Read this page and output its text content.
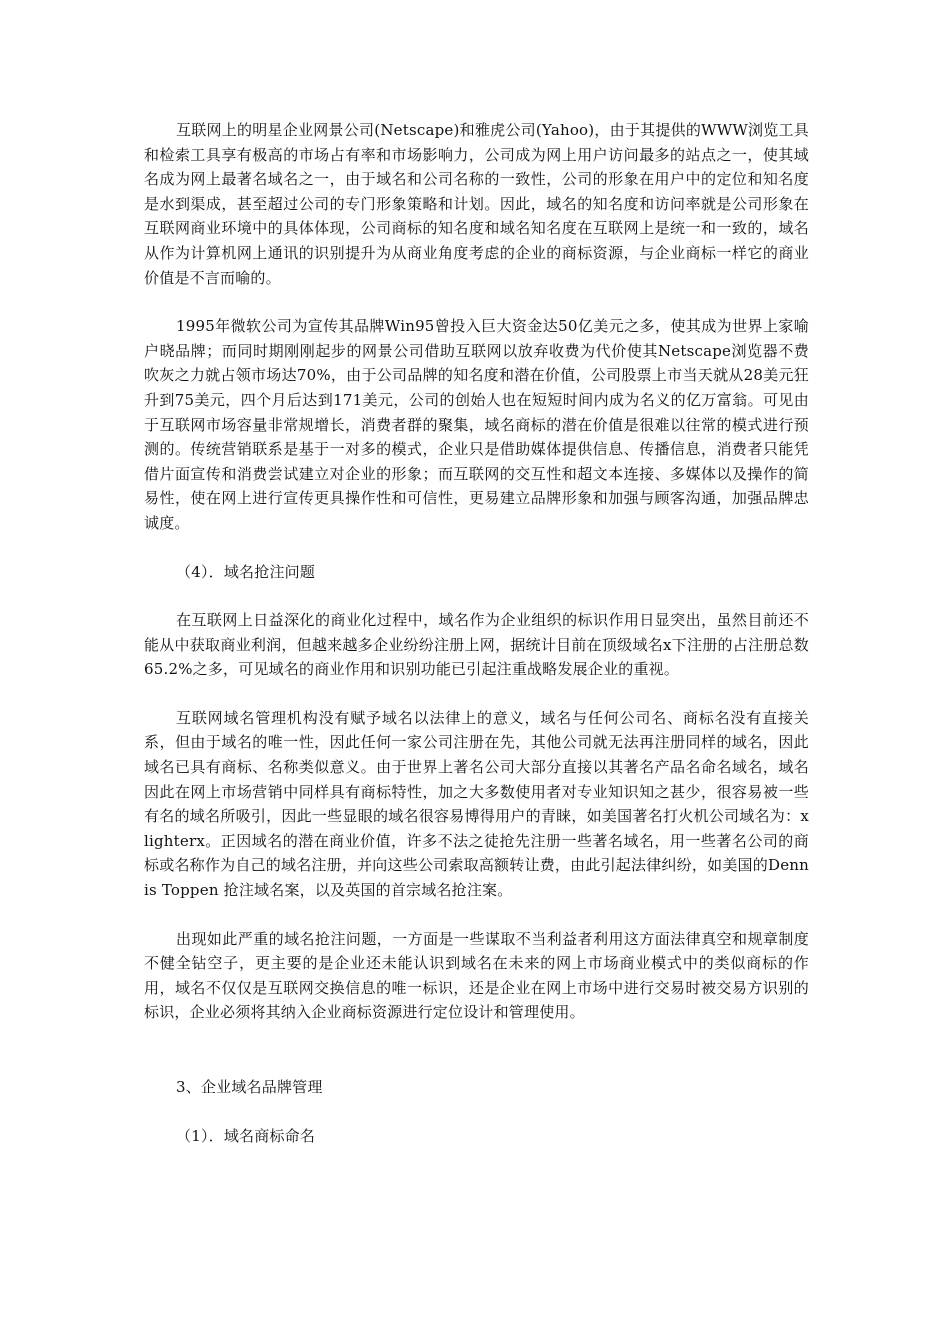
互联网上的明星企业网景公司(Netscape)和雅虎公司(Yahoo)，由于其提供的WWW浏览工具和检索工具享有极高的市场占有率和市场影响力，公司成为网上用户访问最多的站点之一，使其域名成为网上最著名域名之一，由于域名和公司名称的一致性，公司的形象在用户中的定位和知名度是水到渠成，甚至超过公司的专门形象策略和计划。因此，域名的知名度和访问率就是公司形象在互联网商业环境中的具体体现，公司商标的知名度和域名知名度在互联网上是统一和一致的，域名从作为计算机网上通讯的识别提升为从商业角度考虑的企业的商标资源，与企业商标一样它的商业价值是不言而喻的。

1995年微软公司为宣传其品牌Win95曾投入巨大资金达50亿美元之多，使其成为世界上家喻户晓品牌；而同时期刚刚起步的网景公司借助互联网以放弃收费为代价使其Netscape浏览器不费吹灰之力就占领市场达70%，由于公司品牌的知名度和潜在价值，公司股票上市当天就从28美元狂升到75美元，四个月后达到171美元，公司的创始人也在短短时间内成为名义的亿万富翁。可见由于互联网市场容量非常规增长，消费者群的聚集，域名商标的潜在价值是很难以往常的模式进行预测的。传统营销联系是基于一对多的模式，企业只是借助媒体提供信息、传播信息，消费者只能凭借片面宣传和消费尝试建立对企业的形象；而互联网的交互性和超文本连接、多媒体以及操作的简易性，使在网上进行宣传更具操作性和可信性，更易建立品牌形象和加强与顾客沟通，加强品牌忠诚度。

（4）．域名抢注问题

在互联网上日益深化的商业化过程中，域名作为企业组织的标识作用日显突出，虽然目前还不能从中获取商业利润，但越来越多企业纷纷注册上网，据统计目前在顶级域名x下注册的占注册总数65.2%之多，可见域名的商业作用和识别功能已引起注重战略发展企业的重视。

互联网域名管理机构没有赋予域名以法律上的意义，域名与任何公司名、商标名没有直接关系，但由于域名的唯一性，因此任何一家公司注册在先，其他公司就无法再注册同样的域名，因此域名已具有商标、名称类似意义。由于世界上著名公司大部分直接以其著名产品名命名域名，域名因此在网上市场营销中同样具有商标特性，加之大多数使用者对专业知识知之甚少，很容易被一些有名的域名所吸引，因此一些显眼的域名很容易博得用户的青睐，如美国著名打火机公司域名为：xlighterx。正因域名的潜在商业价值，许多不法之徒抢先注册一些著名域名，用一些著名公司的商标或名称作为自己的域名注册，并向这些公司索取高额转让费，由此引起法律纠纷，如美国的Dennis Toppen 抢注域名案，以及英国的首宗域名抢注案。

出现如此严重的域名抢注问题，一方面是一些谋取不当利益者利用这方面法律真空和规章制度不健全钻空子，更主要的是企业还未能认识到域名在未来的网上市场商业模式中的类似商标的作用，域名不仅仅是互联网交换信息的唯一标识，还是企业在网上市场中进行交易时被交易方识别的标识，企业必须将其纳入企业商标资源进行定位设计和管理使用。

3、企业域名品牌管理

（1）．域名商标命名
